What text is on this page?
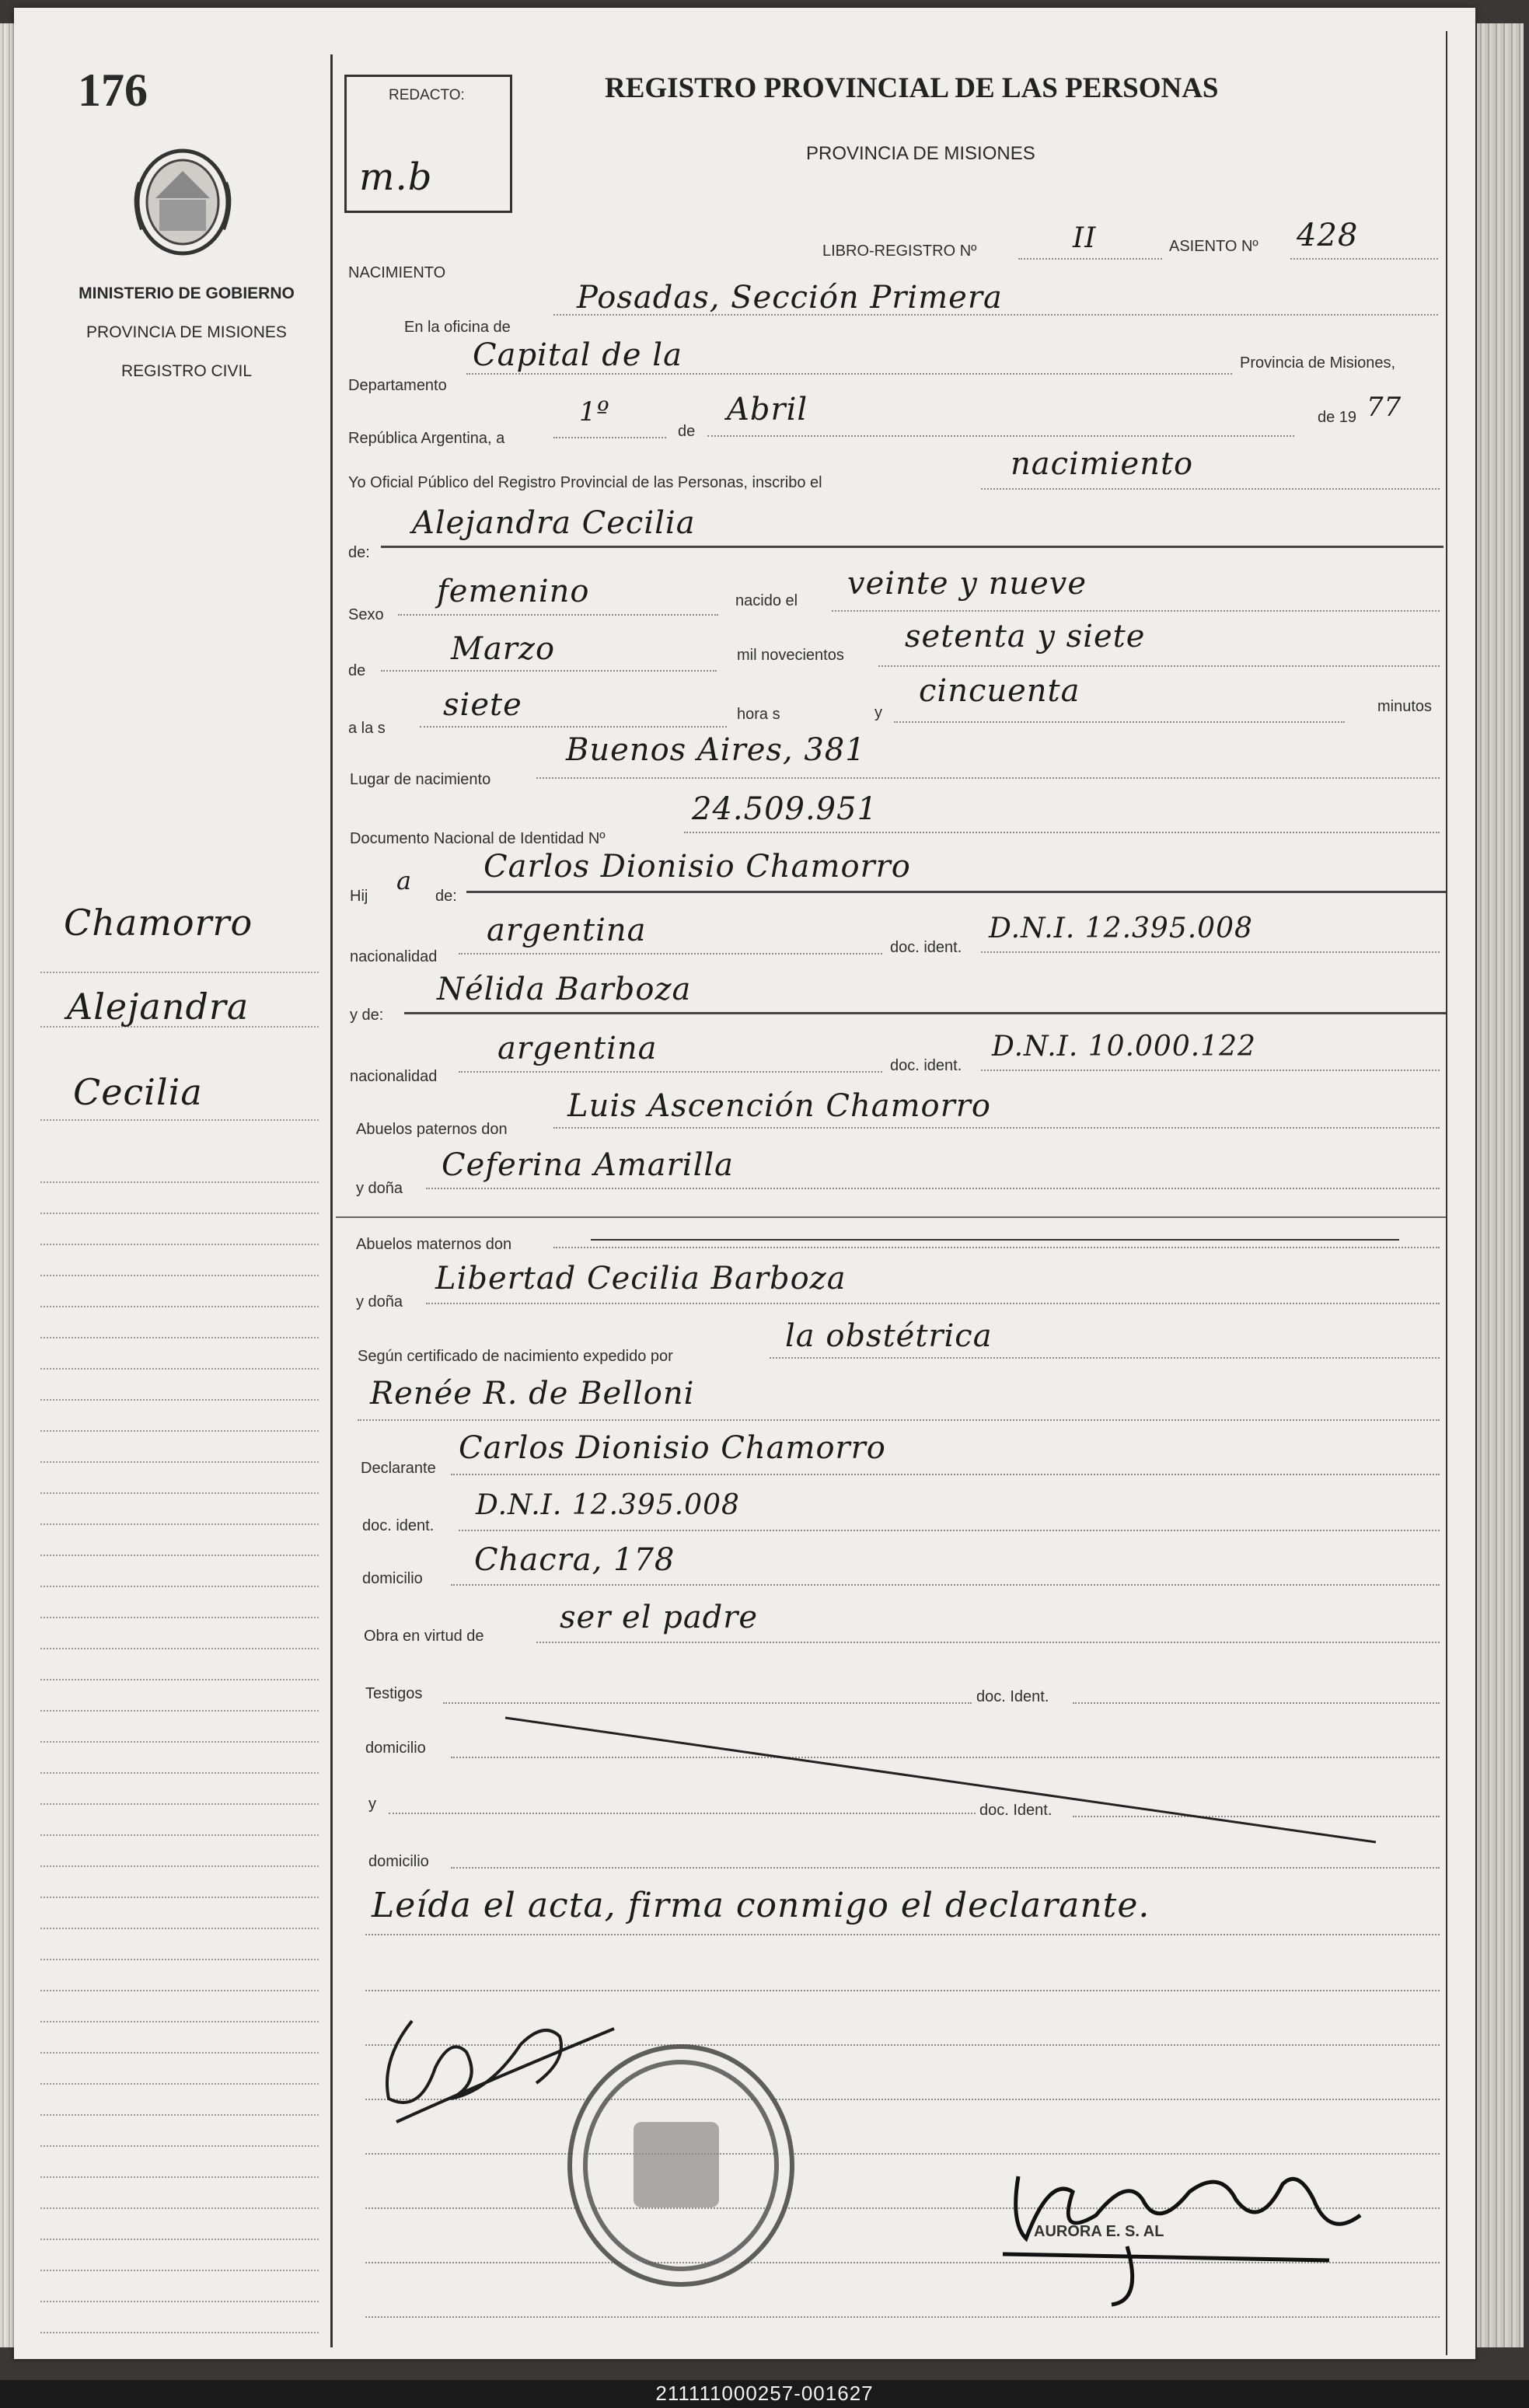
176
MINISTERIO DE GOBIERNO
PROVINCIA DE MISIONES
REGISTRO CIVIL
REDACTO:
m.b
REGISTRO PROVINCIAL DE LAS PERSONAS
PROVINCIA DE MISIONES
NACIMIENTO
LIBRO-REGISTRO Nº	II	ASIENTO Nº 428
En la oficina de
Posadas, Sección Primera
Departamento
Capital de la	Provincia de Misiones,
República Argentina, a
1º
de
Abril	de 19 77
Yo Oficial Público del Registro Provincial de las Personas, inscribo el
nacimiento
de:
Alejandra Cecilia
Sexo
femenino	nacido el veinte y nueve
de
Marzo	mil novecientos
setenta y siete
a la s
siete	hora s	y
cincuenta	minutos
Lugar de nacimiento
Buenos Aires, 381
Documento Nacional de Identidad Nº
24.509.951
Hij
a
de:
Carlos Dionisio Chamorro
nacionalidad
argentina	doc. ident.
D.N.I. 12.395.008
y de:
Nélida Barboza
nacionalidad
argentina	doc. ident.
D.N.I. 10.000.122
Abuelos paternos don
Luis Ascención Chamorro
y doña
Ceferina Amarilla
Abuelos maternos don
y doña
Libertad Cecilia Barboza
Según certificado de nacimiento expedido por
la obstétrica
Renée R. de Belloni
Declarante
Carlos Dionisio Chamorro
doc. ident.
D.N.I. 12.395.008
domicilio
Chacra, 178
Obra en virtud de
ser el padre
Testigos	doc. Ident.
domicilio
y	doc. Ident.
domicilio
Leída el acta, firma conmigo el declarante.
AURORA E. S. AL
Chamorro
Alejandra
Cecilia
211111000257-001627
